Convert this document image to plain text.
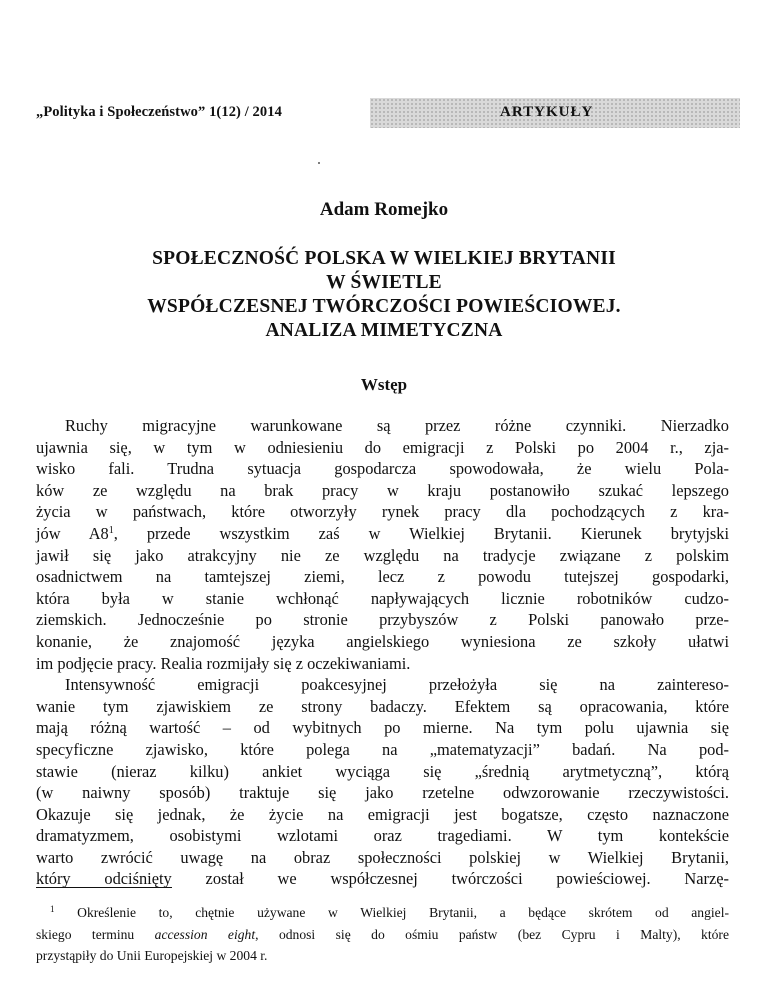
„Polityka i Społeczeństwo” 1(12) / 2014	ARTYKUŁY
Adam Romejko
SPOŁECZNOŚĆ POLSKA W WIELKIEJ BRYTANII
W ŚWIETLE
WSPÓŁCZESNEJ TWÓRCZOŚCI POWIEŚCIOWEJ.
ANALIZA MIMETYCZNA
Wstęp
Ruchy migracyjne warunkowane są przez różne czynniki. Nierzadko
ujawnia się, w tym w odniesieniu do emigracji z Polski po 2004 r., zja-
wisko fali. Trudna sytuacja gospodarcza spowodowała, że wielu Pola-
ków ze względu na brak pracy w kraju postanowiło szukać lepszego
życia w państwach, które otworzyły rynek pracy dla pochodzących z kra-
jów $A8^1$, przede wszystkim zaś w Wielkiej Brytanii. Kierunek brytyjski
jawił się jako atrakcyjny nie ze względu na tradycje związane z polskim
osadnictwem na tamtejszej ziemi, lecz z powodu tutejszej gospodarki,
która była w stanie wchłonąć napływających licznie robotników cudzo-
ziemskich. Jednocześnie po stronie przybyszów z Polski panowało prze-
konanie, że znajomość języka angielskiego wyniesiona ze szkoły ułatwi
im podjęcie pracy. Realia rozmijały się z oczekiwaniami.
Intensywność emigracji poakcesyjnej przełożyła się na zaintereso-
wanie tym zjawiskiem ze strony badaczy. Efektem są opracowania, które
mają różną wartość – od wybitnych po mierne. Na tym polu ujawnia się
specyficzne zjawisko, które polega na „matematyzacji” badań. Na pod-
stawie (nieraz kilku) ankiet wyciąga się „średnią arytmetyczną”, którą
(w naiwny sposób) traktuje się jako rzetelne odwzorowanie rzeczywistości.
Okazuje się jednak, że życie na emigracji jest bogatsze, często naznaczone
dramatyzmem, osobistymi wzlotami oraz tragediami. W tym kontekście
warto zwrócić uwagę na obraz społeczności polskiej w Wielkiej Brytanii,
który odciśnięty został we współczesnej twórczości powieściowej. Narzę-
$^1$ Określenie to, chętnie używane w Wielkiej Brytanii, a będące skrótem od angiel-
skiego terminu accession eight, odnosi się do ośmiu państw (bez Cypru i Malty), które
przystąpiły do Unii Europejskiej w 2004 r.
